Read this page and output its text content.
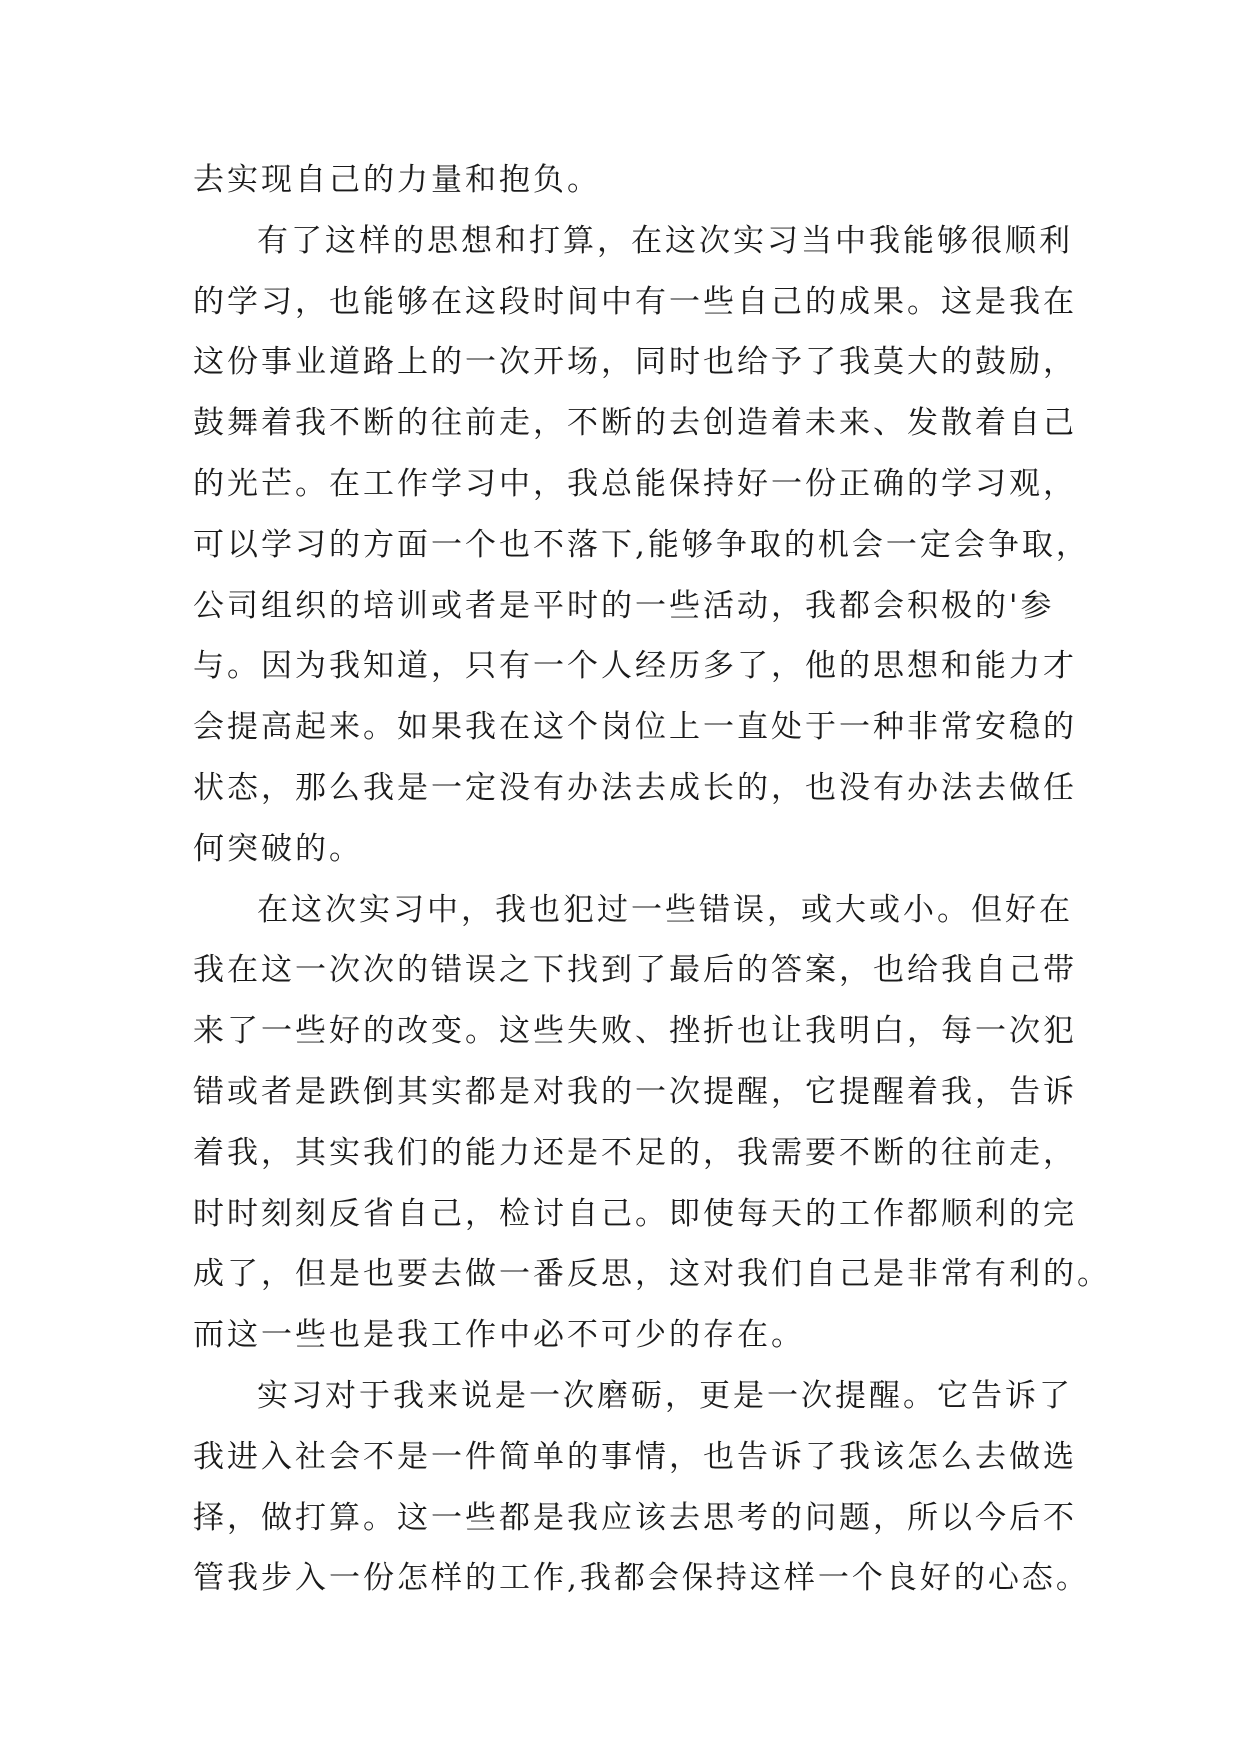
去实现自己的力量和抱负。
有了这样的思想和打算，在这次实习当中我能够很顺利
的学习，也能够在这段时间中有一些自己的成果。这是我在
这份事业道路上的一次开场，同时也给予了我莫大的鼓励，
鼓舞着我不断的往前走，不断的去创造着未来、发散着自己
的光芒。在工作学习中，我总能保持好一份正确的学习观，
可以学习的方面一个也不落下,能够争取的机会一定会争取，
公司组织的培训或者是平时的一些活动，我都会积极的'参
与。因为我知道，只有一个人经历多了，他的思想和能力才
会提高起来。如果我在这个岗位上一直处于一种非常安稳的
状态，那么我是一定没有办法去成长的，也没有办法去做任
何突破的。
在这次实习中，我也犯过一些错误，或大或小。但好在
我在这一次次的错误之下找到了最后的答案，也给我自己带
来了一些好的改变。这些失败、挫折也让我明白，每一次犯
错或者是跌倒其实都是对我的一次提醒，它提醒着我，告诉
着我，其实我们的能力还是不足的，我需要不断的往前走，
时时刻刻反省自己，检讨自己。即使每天的工作都顺利的完
成了，但是也要去做一番反思，这对我们自己是非常有利的。
而这一些也是我工作中必不可少的存在。
实习对于我来说是一次磨砺，更是一次提醒。它告诉了
我进入社会不是一件简单的事情，也告诉了我该怎么去做选
择，做打算。这一些都是我应该去思考的问题，所以今后不
管我步入一份怎样的工作,我都会保持这样一个良好的心态。
